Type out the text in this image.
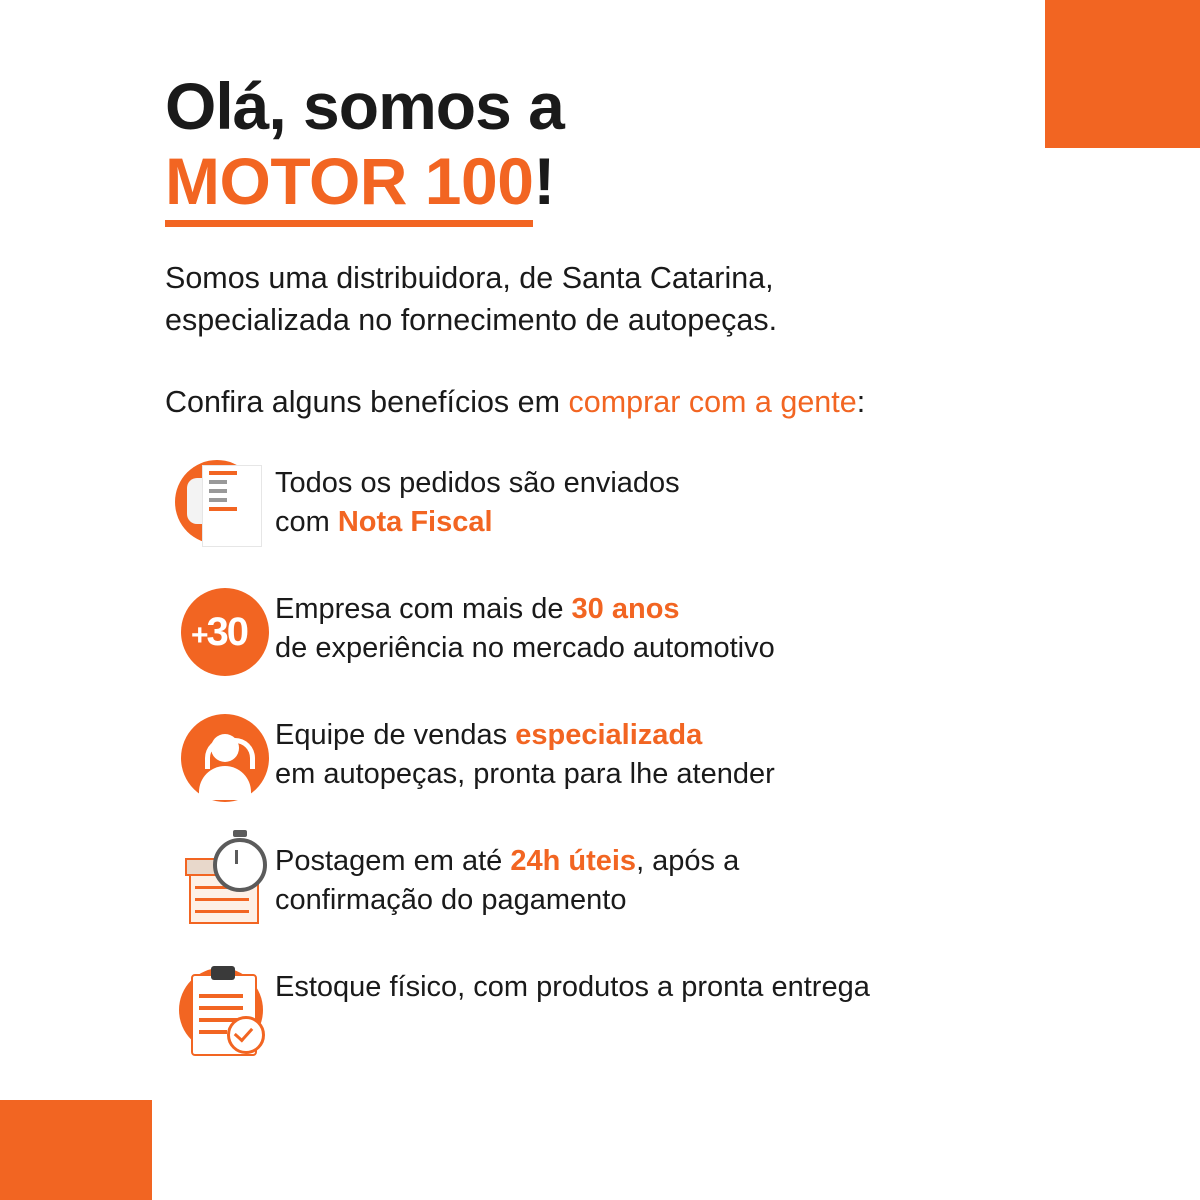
Olá, somos a
MOTOR 100!

Somos uma distribuidora, de Santa Catarina,
especializada no fornecimento de autopeças.

Confira alguns benefícios em comprar com a gente:

Todos os pedidos são enviados
com Nota Fiscal
+30
Empresa com mais de 30 anos
de experiência no mercado automotivo
Equipe de vendas especializada
em autopeças, pronta para lhe atender
Postagem em até 24h úteis, após a
confirmação do pagamento
Estoque físico, com produtos a pronta entrega
